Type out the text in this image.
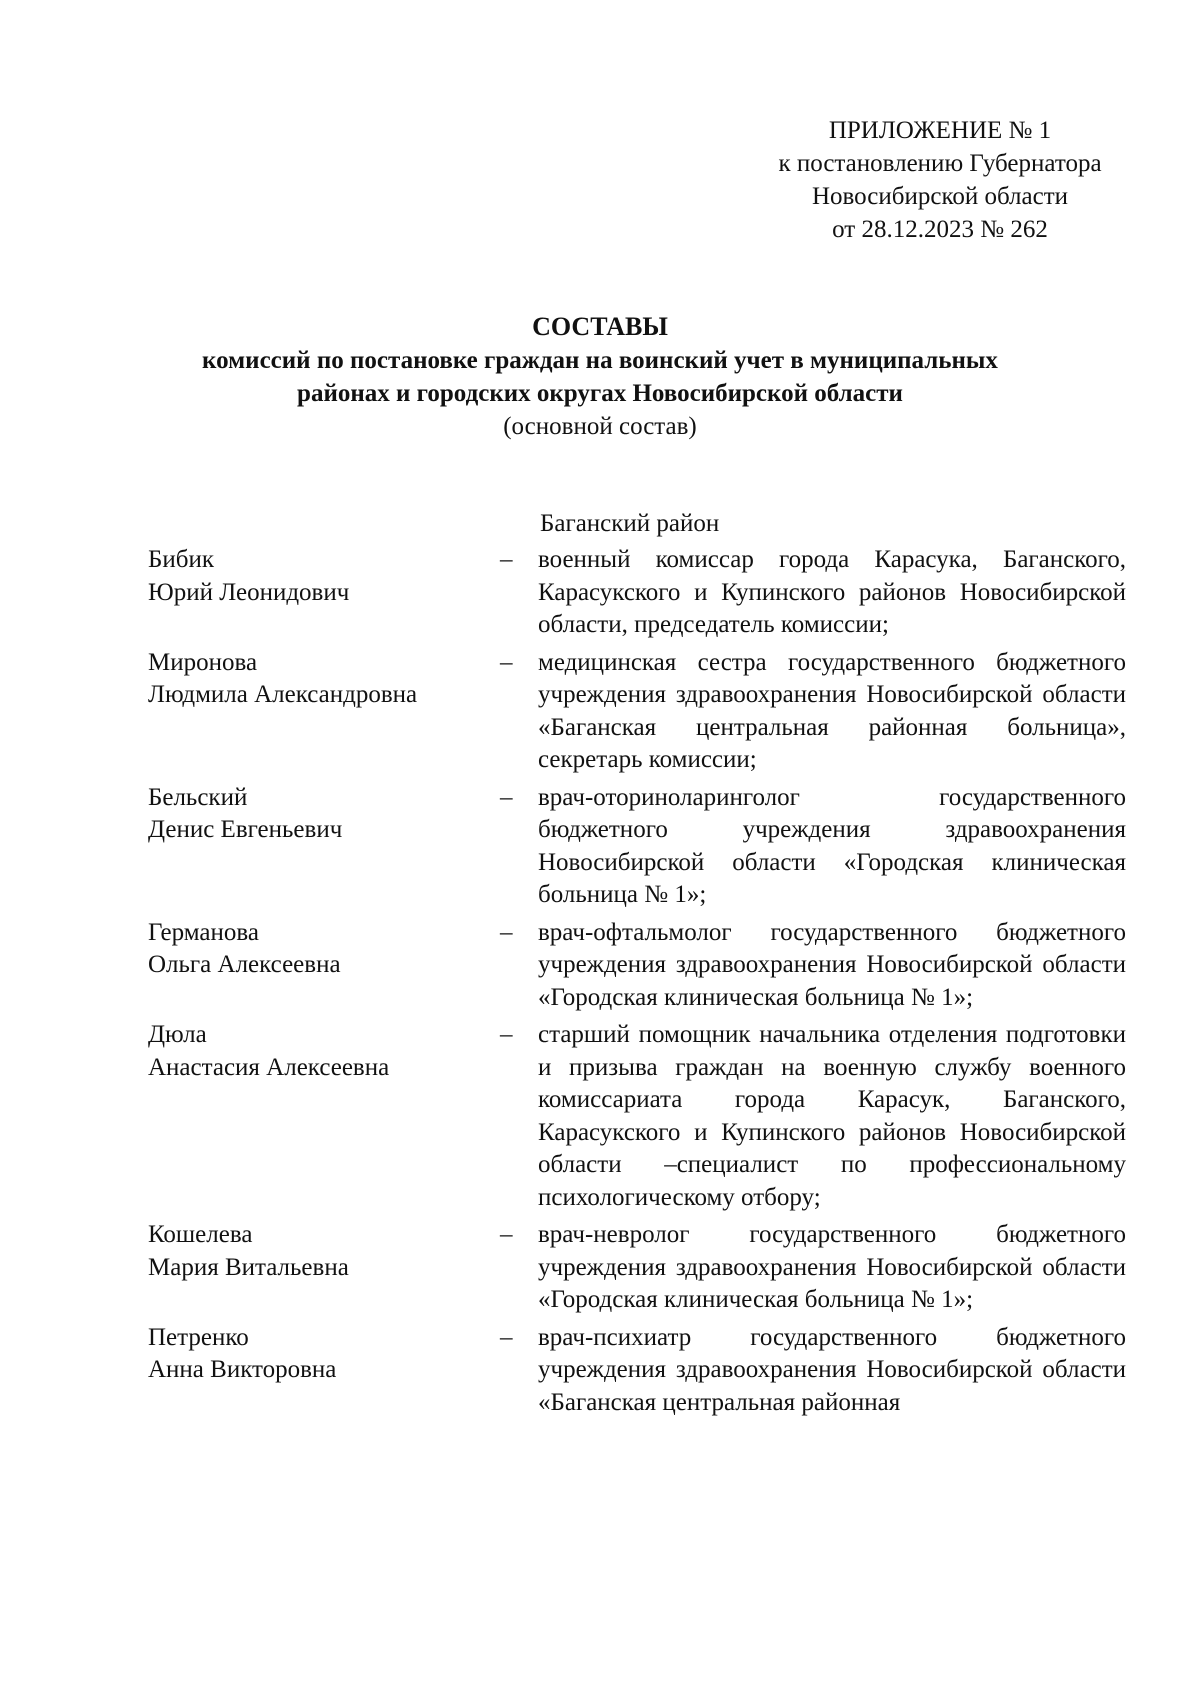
ПРИЛОЖЕНИЕ № 1
к постановлению Губернатора
Новосибирской области
от 28.12.2023 № 262
СОСТАВЫ
комиссий по постановке граждан на воинский учет в муниципальных
районах и городских округах Новосибирской области
(основной состав)
Баганский район
Бибик
Юрий Леонидович
–	военный комиссар города Карасука, Баганского, Карасукского и Купинского районов Новосибирской области, председатель комиссии;
Миронова
Людмила Александровна
–	медицинская сестра государственного бюджетного учреждения здравоохранения Новосибирской области «Баганская центральная районная больница», секретарь комиссии;
Бельский
Денис Евгеньевич
–	врач-оториноларинголог государственного бюджетного учреждения здравоохранения Новосибирской области «Городская клиническая больница № 1»;
Германова
Ольга Алексеевна
–	врач-офтальмолог государственного бюджетного учреждения здравоохранения Новосибирской области «Городская клиническая больница № 1»;
Дюла
Анастасия Алексеевна
–	старший помощник начальника отделения подготовки и призыва граждан на военную службу военного комиссариата города Карасук, Баганского, Карасукского и Купинского районов Новосибирской области –специалист по профессиональному психологическому отбору;
Кошелева
Мария Витальевна
–	врач-невролог государственного бюджетного учреждения здравоохранения Новосибирской области «Городская клиническая больница № 1»;
Петренко
Анна Викторовна
–	врач-психиатр государственного бюджетного учреждения здравоохранения Новосибирской области «Баганская центральная районная
